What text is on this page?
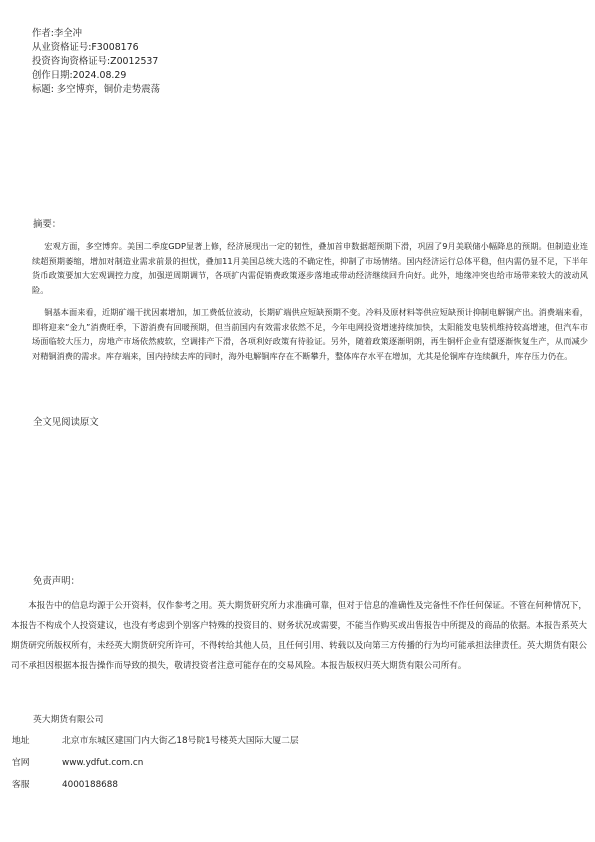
作者:李全冲
从业资格证号:F3008176
投资咨询资格证号:Z0012537
创作日期:2024.08.29
标题: 多空博弈，铜价走势震荡
摘要：

宏观方面，多空博弈。美国二季度GDP显著上修，经济展现出一定的韧性，叠加首申数据超预期下滑，巩固了9月美联储小幅降息的预期。但制造业连续超预期萎缩，增加对制造业需求前景的担忧，叠加11月美国总统大选的不确定性，抑制了市场情绪。国内经济运行总体平稳，但内需仍显不足，下半年货币政策要加大宏观调控力度，加强逆周期调节，各项扩内需促销费政策逐步落地或带动经济继续回升向好。此外，地缘冲突也给市场带来较大的波动风险。

铜基本面来看，近期矿端干扰因素增加，加工费低位波动，长期矿端供应短缺预期不变。冷料及原材料等供应短缺预计抑制电解铜产出。消费端来看，即将迎来“金九”消费旺季，下游消费有回暖预期，但当前国内有效需求依然不足，今年电网投资增速持续加快，太阳能发电装机维持较高增速，但汽车市场面临较大压力，房地产市场依然疲软，空调排产下滑，各项利好政策有待验证。另外，随着政策逐渐明朗，再生铜杆企业有望逐渐恢复生产，从而减少对精铜消费的需求。库存端来，国内持续去库的同时，海外电解铜库存在不断攀升，整体库存水平在增加，尤其是伦铜库存连续飙升，库存压力仍在。

全文见阅读原文
免责声明：

本报告中的信息均源于公开资料，仅作参考之用。英大期货研究所力求准确可靠，但对于信息的准确性及完备性不作任何保证。不管在何种情况下，本报告不构成个人投资建议，也没有考虑到个别客户特殊的投资目的、财务状况或需要，不能当作购买或出售报告中所提及的商品的依据。本报告系英大期货研究所版权所有，未经英大期货研究所许可，不得转给其他人员，且任何引用、转载以及向第三方传播的行为均可能承担法律责任。英大期货有限公司不承担因根据本报告操作而导致的损失，敬请投资者注意可能存在的交易风险。本报告版权归英大期货有限公司所有。

英大期货有限公司
地址	北京市东城区建国门内大街乙18号院1号楼英大国际大厦二层
官网	www.ydfut.com.cn
客服	4000188688
